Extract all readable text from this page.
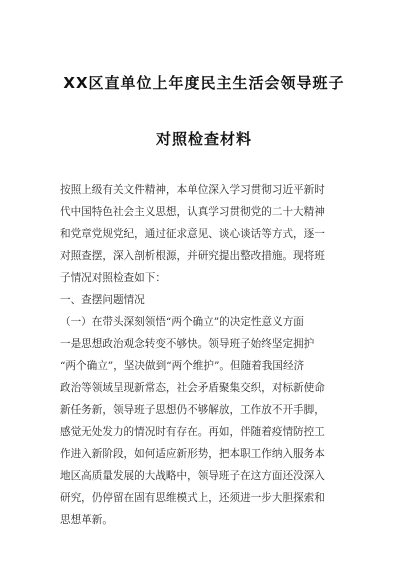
XX区直单位上年度民主生活会领导班子
对照检查材料
按照上级有关文件精神，本单位深入学习贯彻习近平新时
代中国特色社会主义思想，认真学习贯彻党的二十大精神
和党章党规党纪，通过征求意见、谈心谈话等方式，逐一
对照查摆，深入剖析根源，并研究提出整改措施。现将班
子情况对照检查如下：
一、查摆问题情况
（一）在带头深刻领悟“两个确立”的决定性意义方面
一是思想政治观念转变不够快。领导班子始终坚定拥护
“两个确立”，坚决做到“两个维护”。但随着我国经济
政治等领域呈现新常态，社会矛盾聚集交织，对标新使命
新任务新，领导班子思想仍不够解放，工作放不开手脚，
感觉无处发力的情况时有存在。再如，伴随着疫情防控工
作进入新阶段，如何适应新形势，把本职工作纳入服务本
地区高质量发展的大战略中，领导班子在这方面还没深入
研究，仍停留在固有思维模式上，还须进一步大胆探索和
思想革新。
